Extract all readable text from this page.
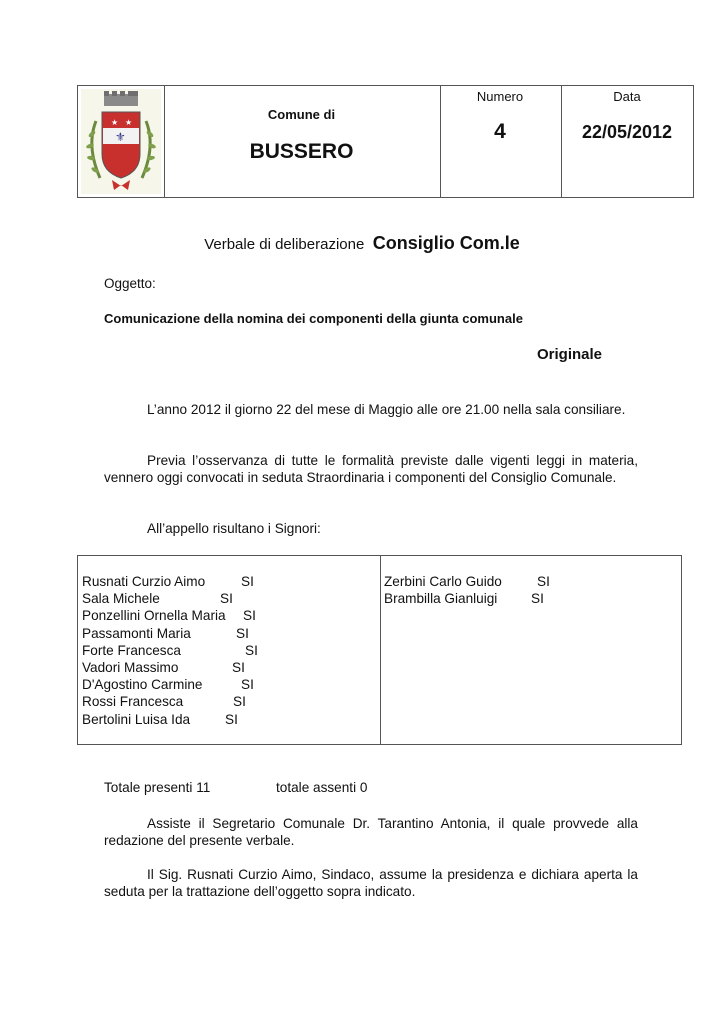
★ ★
⚜
Comune di
BUSSERO
Numero
4
Data
22/05/2012
Verbale di deliberazione Consiglio Com.le
Oggetto:
Comunicazione della nomina dei componenti della giunta comunale
Originale
L’anno 2012 il giorno 22 del mese di Maggio alle ore 21.00 nella sala consiliare.
Previa l’osservanza di tutte le formalità previste dalle vigenti leggi in materia, vennero oggi convocati in seduta Straordinaria i componenti del Consiglio Comunale.
All’appello risultano i Signori:
Rusnati Curzio Aimo	SI
Sala Michele	SI
Ponzellini Ornella Maria SI
Passamonti Maria	SI
Forte Francesca	SI
Vadori Massimo	SI
D'Agostino Carmine	SI
Rossi Francesca	SI
Bertolini Luisa Ida	SI
Zerbini Carlo Guido	SI
Brambilla Gianluigi SI
Totale presenti 11	totale assenti 0
Assiste il Segretario Comunale Dr. Tarantino Antonia, il quale provvede alla redazione del presente verbale.
Il Sig. Rusnati Curzio Aimo, Sindaco, assume la presidenza e dichiara aperta la seduta per la trattazione dell’oggetto sopra indicato.
